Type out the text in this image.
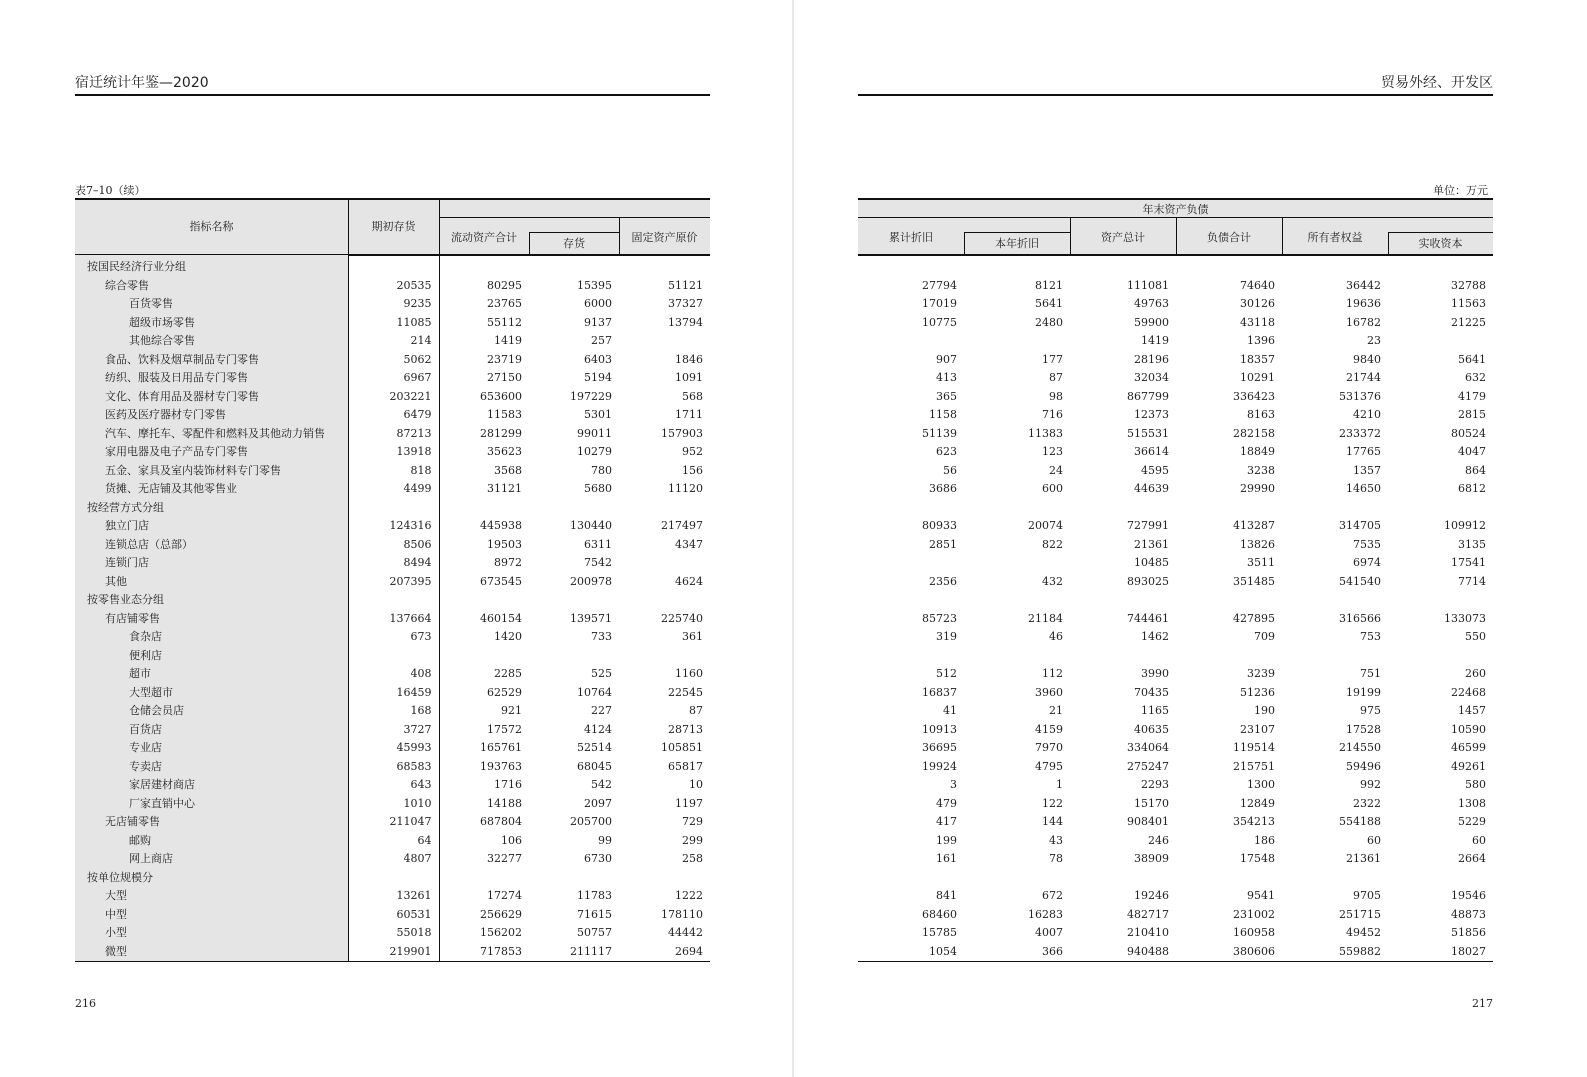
宿迁统计年鉴—2020
表7–10（续）
指标名称	期初存货
流动资产合计	存货	固定资产原价
按国民经济行业分组				
综合零售	20535	80295	15395	51121
百货零售	9235	23765	6000	37327
超级市场零售	11085	55112	9137	13794
其他综合零售	214	1419	257	
食品、饮料及烟草制品专门零售	5062	23719	6403	1846
纺织、服装及日用品专门零售	6967	27150	5194	1091
文化、体育用品及器材专门零售	203221	653600	197229	568
医药及医疗器材专门零售	6479	11583	5301	1711
汽车、摩托车、零配件和燃料及其他动力销售	87213	281299	99011	157903
家用电器及电子产品专门零售	13918	35623	10279	952
五金、家具及室内装饰材料专门零售	818	3568	780	156
货摊、无店铺及其他零售业	4499	31121	5680	11120
按经营方式分组				
独立门店	124316	445938	130440	217497
连锁总店（总部）	8506	19503	6311	4347
连锁门店	8494	8972	7542	
其他	207395	673545	200978	4624
按零售业态分组				
有店铺零售	137664	460154	139571	225740
食杂店	673	1420	733	361
便利店				
超市	408	2285	525	1160
大型超市	16459	62529	10764	22545
仓储会员店	168	921	227	87
百货店	3727	17572	4124	28713
专业店	45993	165761	52514	105851
专卖店	68583	193763	68045	65817
家居建材商店	643	1716	542	10
厂家直销中心	1010	14188	2097	1197
无店铺零售	211047	687804	205700	729
邮购	64	106	99	299
网上商店	4807	32277	6730	258
按单位规模分				
大型	13261	17274	11783	1222
中型	60531	256629	71615	178110
小型	55018	156202	50757	44442
微型	219901	717853	211117	2694
216
贸易外经、开发区
单位：万元
年末资产负债
累计折旧	本年折旧	资产总计	负债合计	所有者权益	实收资本

27794	8121	111081	74640	36442	32788
17019	5641	49763	30126	19636	11563
10775	2480	59900	43118	16782	21225
		1419	1396	23	
907	177	28196	18357	9840	5641
413	87	32034	10291	21744	632
365	98	867799	336423	531376	4179
1158	716	12373	8163	4210	2815
51139	11383	515531	282158	233372	80524
623	123	36614	18849	17765	4047
56	24	4595	3238	1357	864
3686	600	44639	29990	14650	6812

80933	20074	727991	413287	314705	109912
2851	822	21361	13826	7535	3135
		10485	3511	6974	17541
2356	432	893025	351485	541540	7714

85723	21184	744461	427895	316566	133073
319	46	1462	709	753	550

512	112	3990	3239	751	260
16837	3960	70435	51236	19199	22468
41	21	1165	190	975	1457
10913	4159	40635	23107	17528	10590
36695	7970	334064	119514	214550	46599
19924	4795	275247	215751	59496	49261
3	1	2293	1300	992	580
479	122	15170	12849	2322	1308
417	144	908401	354213	554188	5229
199	43	246	186	60	60
161	78	38909	17548	21361	2664

841	672	19246	9541	9705	19546
68460	16283	482717	231002	251715	48873
15785	4007	210410	160958	49452	51856
1054	366	940488	380606	559882	18027
217
